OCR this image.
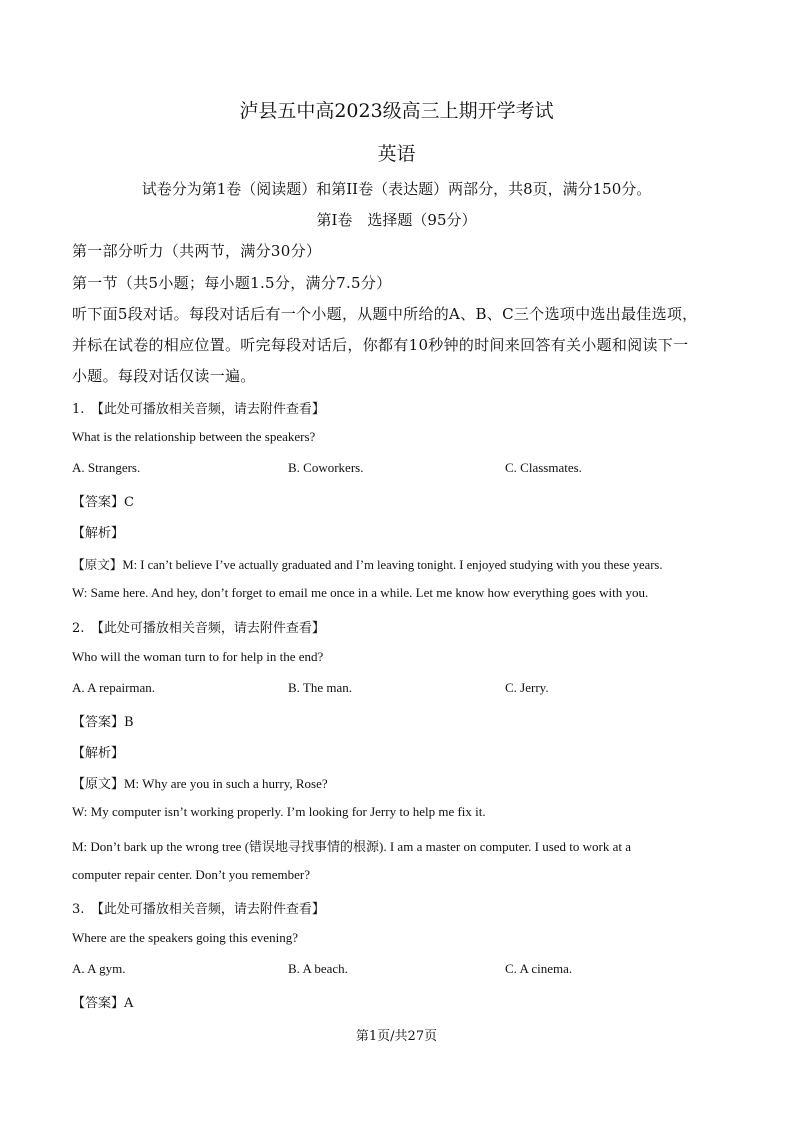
泸县五中高2023级高三上期开学考试
英语
试卷分为第1卷（阅读题）和第II卷（表达题）两部分，共8页，满分150分。
第I卷　选择题（95分）
第一部分听力（共两节，满分30分）
第一节（共5小题；每小题1.5分，满分7.5分）
听下面5段对话。每段对话后有一个小题，从题中所给的A、B、C三个选项中选出最佳选项，
并标在试卷的相应位置。听完每段对话后，你都有10秒钟的时间来回答有关小题和阅读下一
小题。每段对话仅读一遍。
1.　【此处可播放相关音频，请去附件查看】
What is the relationship between the speakers?
A. Strangers.	B. Coworkers.	C. Classmates.
【答案】C
【解析】
【原文】M: I can’t believe I’ve actually graduated and I’m leaving tonight. I enjoyed studying with you these years.
W: Same here. And hey, don’t forget to email me once in a while. Let me know how everything goes with you.
2.　【此处可播放相关音频，请去附件查看】
Who will the woman turn to for help in the end?
A. A repairman.	B. The man.	C. Jerry.
【答案】B
【解析】
【原文】M: Why are you in such a hurry, Rose?
W: My computer isn’t working properly. I’m looking for Jerry to help me fix it.
M: Don’t bark up the wrong tree (错误地寻找事情的根源). I am a master on computer. I used to work at a
computer repair center. Don’t you remember?
3.　【此处可播放相关音频，请去附件查看】
Where are the speakers going this evening?
A. A gym.	B. A beach.	C. A cinema.
【答案】A
第1页/共27页
